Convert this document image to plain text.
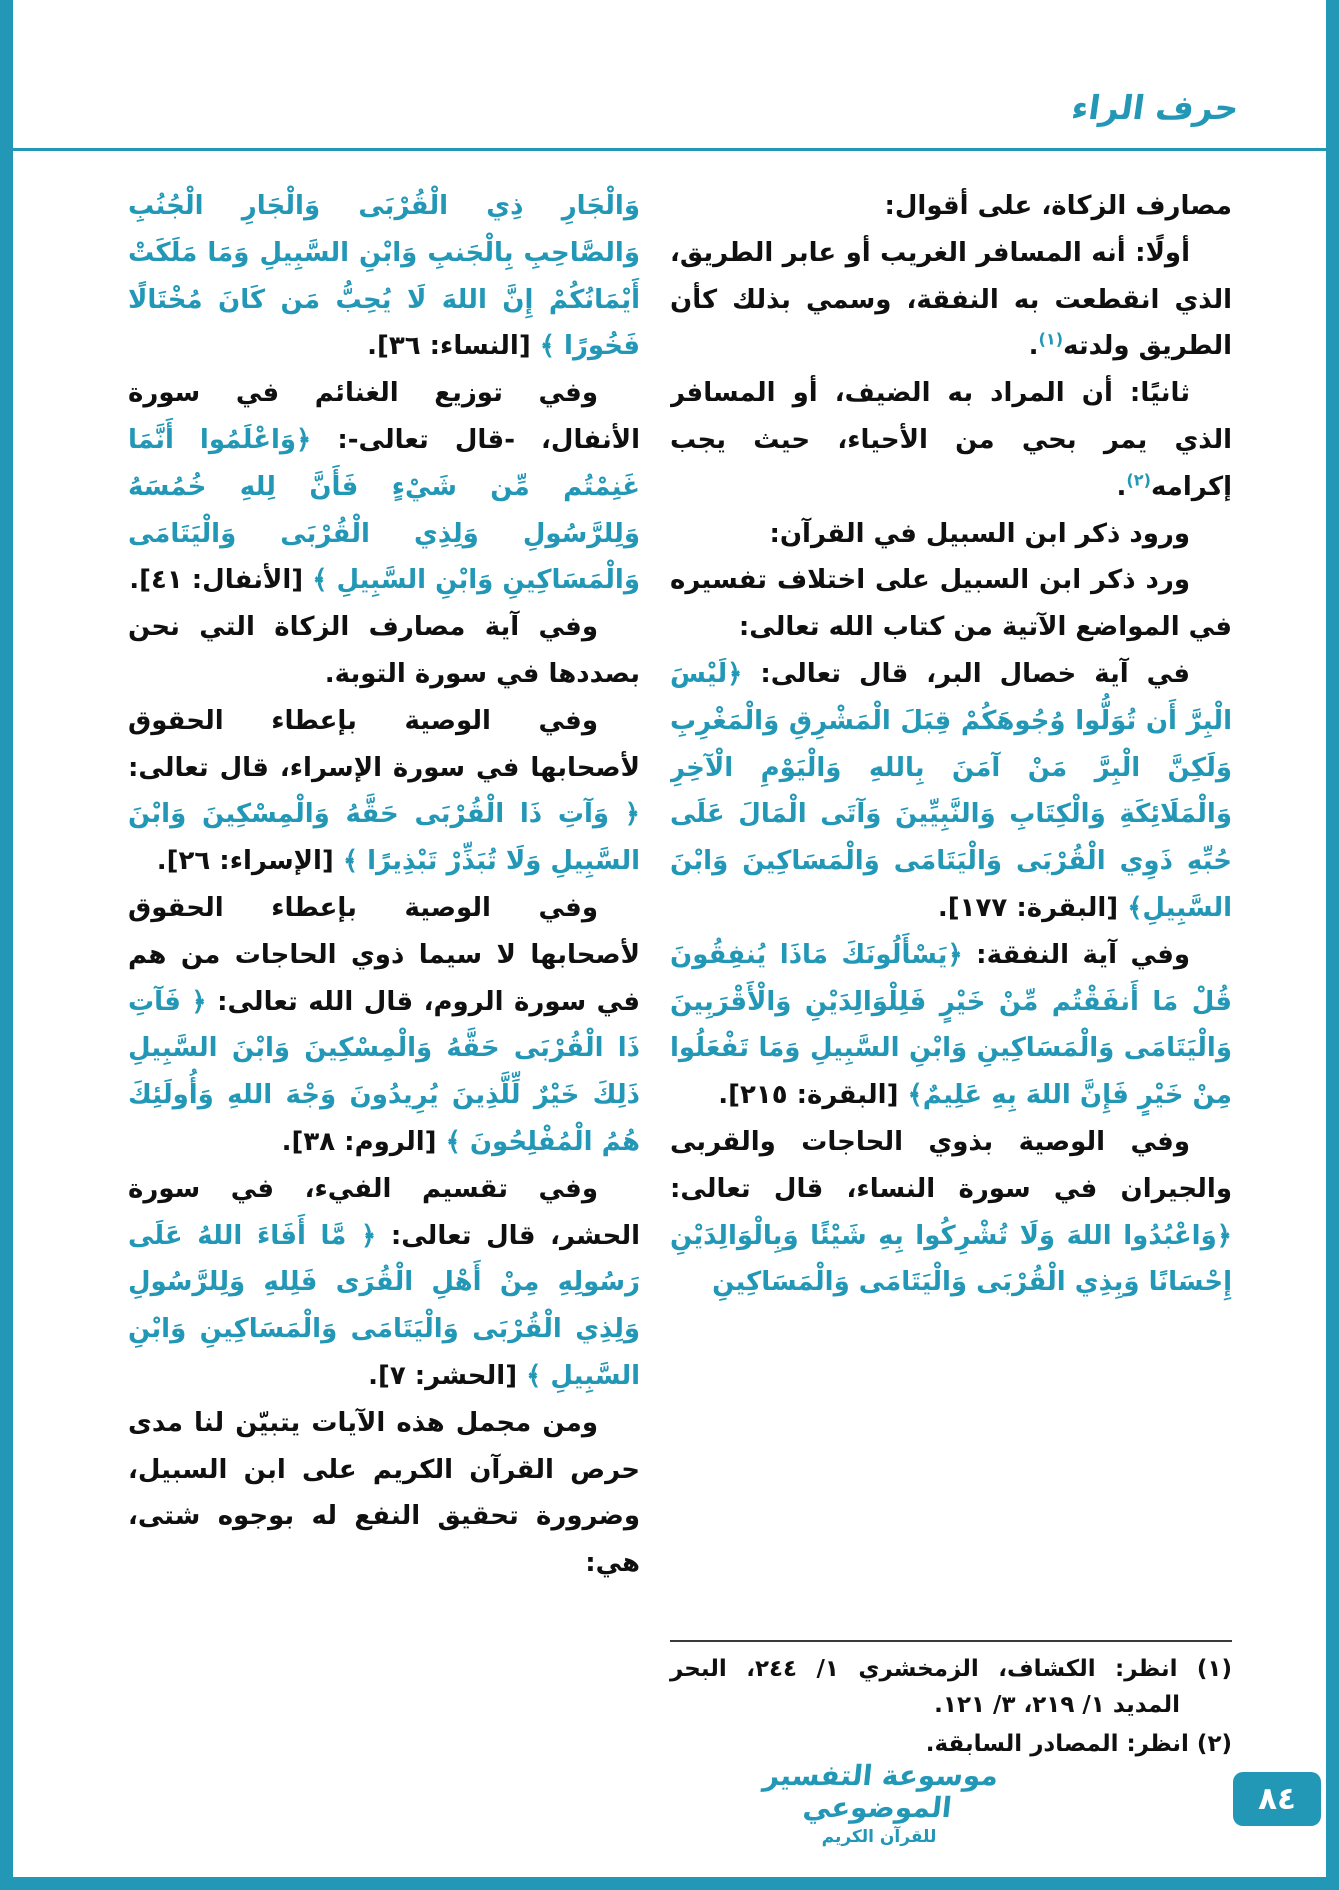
حرف الراء

مصارف الزكاة، على أقوال:

أولًا: أنه المسافر الغريب أو عابر الطريق، الذي انقطعت به النفقة، وسمي بذلك كأن الطريق ولدته$^{(١)}$.

ثانيًا: أن المراد به الضيف، أو المسافر الذي يمر بحي من الأحياء، حيث يجب إكرامه$^{(٢)}$.

ورود ذكر ابن السبيل في القرآن:

ورد ذكر ابن السبيل على اختلاف تفسيره في المواضع الآتية من كتاب الله تعالى:

في آية خصال البر، قال تعالى: ﴿لَيْسَ الْبِرَّ أَن تُوَلُّوا وُجُوهَكُمْ قِبَلَ الْمَشْرِقِ وَالْمَغْرِبِ وَلَكِنَّ الْبِرَّ مَنْ آمَنَ بِاللهِ وَالْيَوْمِ الْآخِرِ وَالْمَلَائِكَةِ وَالْكِتَابِ وَالنَّبِيِّينَ وَآتَى الْمَالَ عَلَى حُبِّهِ ذَوِي الْقُرْبَى وَالْيَتَامَى وَالْمَسَاكِينَ وَابْنَ السَّبِيلِ﴾ [البقرة: ١٧٧].

وفي آية النفقة: ﴿يَسْأَلُونَكَ مَاذَا يُنفِقُونَ قُلْ مَا أَنفَقْتُم مِّنْ خَيْرٍ فَلِلْوَالِدَيْنِ وَالْأَقْرَبِينَ وَالْيَتَامَى وَالْمَسَاكِينِ وَابْنِ السَّبِيلِ وَمَا تَفْعَلُوا مِنْ خَيْرٍ فَإِنَّ اللهَ بِهِ عَلِيمٌ﴾ [البقرة: ٢١٥].

وفي الوصية بذوي الحاجات والقربى والجيران في سورة النساء، قال تعالى: ﴿وَاعْبُدُوا اللهَ وَلَا تُشْرِكُوا بِهِ شَيْئًا وَبِالْوَالِدَيْنِ إِحْسَانًا وَبِذِي الْقُرْبَى وَالْيَتَامَى وَالْمَسَاكِينِ

وَالْجَارِ ذِي الْقُرْبَى وَالْجَارِ الْجُنُبِ وَالصَّاحِبِ بِالْجَنبِ وَابْنِ السَّبِيلِ وَمَا مَلَكَتْ أَيْمَانُكُمْ إِنَّ اللهَ لَا يُحِبُّ مَن كَانَ مُخْتَالًا فَخُورًا ﴾ [النساء: ٣٦].

وفي توزيع الغنائم في سورة الأنفال، -قال تعالى-: ﴿وَاعْلَمُوا أَنَّمَا غَنِمْتُم مِّن شَيْءٍ فَأَنَّ لِلهِ خُمُسَهُ وَلِلرَّسُولِ وَلِذِي الْقُرْبَى وَالْيَتَامَى وَالْمَسَاكِينِ وَابْنِ السَّبِيلِ ﴾ [الأنفال: ٤١].

وفي آية مصارف الزكاة التي نحن بصددها في سورة التوبة.

وفي الوصية بإعطاء الحقوق لأصحابها في سورة الإسراء، قال تعالى: ﴿ وَآتِ ذَا الْقُرْبَى حَقَّهُ وَالْمِسْكِينَ وَابْنَ السَّبِيلِ وَلَا تُبَذِّرْ تَبْذِيرًا ﴾ [الإسراء: ٢٦].

وفي الوصية بإعطاء الحقوق لأصحابها لا سيما ذوي الحاجات من هم في سورة الروم، قال الله تعالى: ﴿ فَآتِ ذَا الْقُرْبَى حَقَّهُ وَالْمِسْكِينَ وَابْنَ السَّبِيلِ ذَلِكَ خَيْرٌ لِّلَّذِينَ يُرِيدُونَ وَجْهَ اللهِ وَأُولَئِكَ هُمُ الْمُفْلِحُونَ ﴾ [الروم: ٣٨].

وفي تقسيم الفيء، في سورة الحشر، قال تعالى: ﴿ مَّا أَفَاءَ اللهُ عَلَى رَسُولِهِ مِنْ أَهْلِ الْقُرَى فَلِلهِ وَلِلرَّسُولِ وَلِذِي الْقُرْبَى وَالْيَتَامَى وَالْمَسَاكِينِ وَابْنِ السَّبِيلِ ﴾ [الحشر: ٧].

ومن مجمل هذه الآيات يتبيّن لنا مدى حرص القرآن الكريم على ابن السبيل، وضرورة تحقيق النفع له بوجوه شتى، هي:

(١) انظر: الكشاف، الزمخشري ١/ ٢٤٤، البحر المديد ١/ ٢١٩، ٣/ ١٢١.

(٢) انظر: المصادر السابقة.

موسوعة التفسير الموضوعي
للقرآن الكريم
٨٤
